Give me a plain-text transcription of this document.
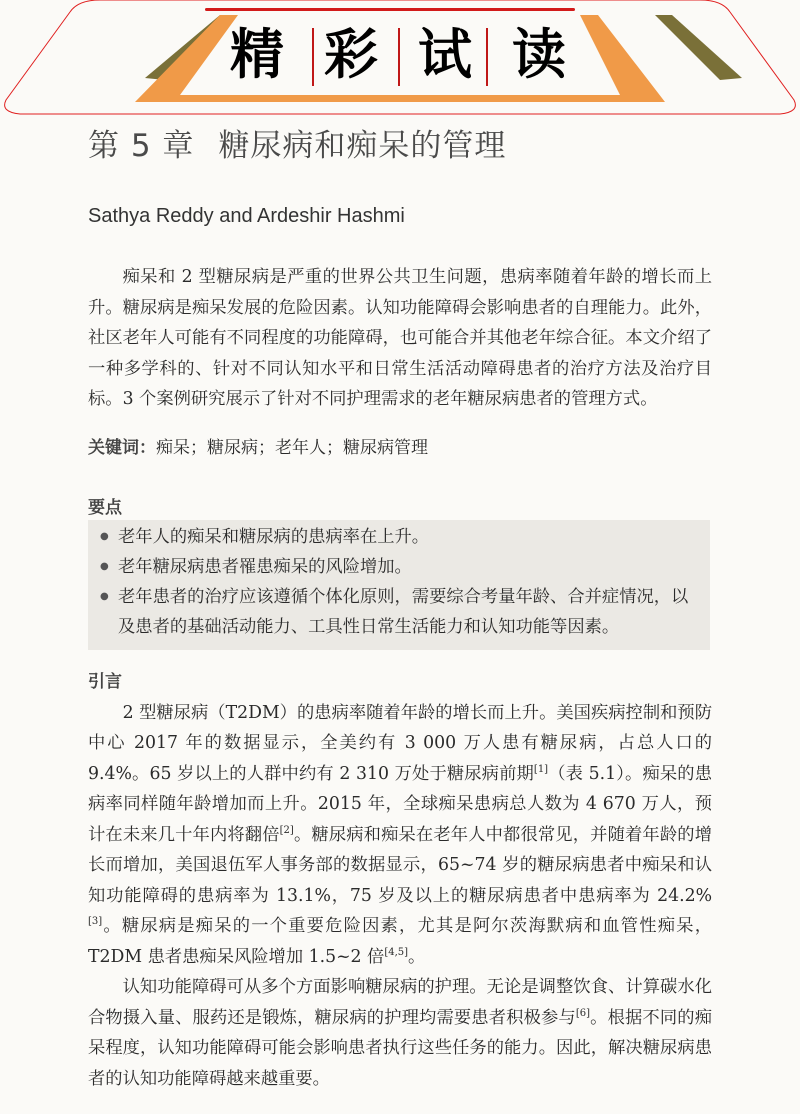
精 彩 试 读
第 5 章 糖尿病和痴呆的管理
Sathya Reddy and Ardeshir Hashmi

痴呆和 2 型糖尿病是严重的世界公共卫生问题，患病率随着年龄的增长而上升。糖尿病是痴呆发展的危险因素。认知功能障碍会影响患者的自理能力。此外，社区老年人可能有不同程度的功能障碍，也可能合并其他老年综合征。本文介绍了一种多学科的、针对不同认知水平和日常生活活动障碍患者的治疗方法及治疗目标。3 个案例研究展示了针对不同护理需求的老年糖尿病患者的管理方式。

关键词：痴呆；糖尿病；老年人；糖尿病管理
要点
● 老年人的痴呆和糖尿病的患病率在上升。
● 老年糖尿病患者罹患痴呆的风险增加。
● 老年患者的治疗应该遵循个体化原则，需要综合考量年龄、合并症情况，以及患者的基础活动能力、工具性日常生活能力和认知功能等因素。
引言

2 型糖尿病（T2DM）的患病率随着年龄的增长而上升。美国疾病控制和预防中心 2017 年的数据显示，全美约有 3 000 万人患有糖尿病，占总人口的 9.4%。65 岁以上的人群中约有 2 310 万处于糖尿病前期[1]（表 5.1）。痴呆的患病率同样随年龄增加而上升。2015 年，全球痴呆患病总人数为 4 670 万人，预计在未来几十年内将翻倍[2]。糖尿病和痴呆在老年人中都很常见，并随着年龄的增长而增加，美国退伍军人事务部的数据显示，65~74 岁的糖尿病患者中痴呆和认知功能障碍的患病率为 13.1%，75 岁及以上的糖尿病患者中患病率为 24.2%[3]。糖尿病是痴呆的一个重要危险因素，尤其是阿尔茨海默病和血管性痴呆，T2DM 患者患痴呆风险增加 1.5~2 倍[4,5]。

认知功能障碍可从多个方面影响糖尿病的护理。无论是调整饮食、计算碳水化合物摄入量、服药还是锻炼，糖尿病的护理均需要患者积极参与[6]。根据不同的痴呆程度，认知功能障碍可能会影响患者执行这些任务的能力。因此，解决糖尿病患者的认知功能障碍越来越重要。
